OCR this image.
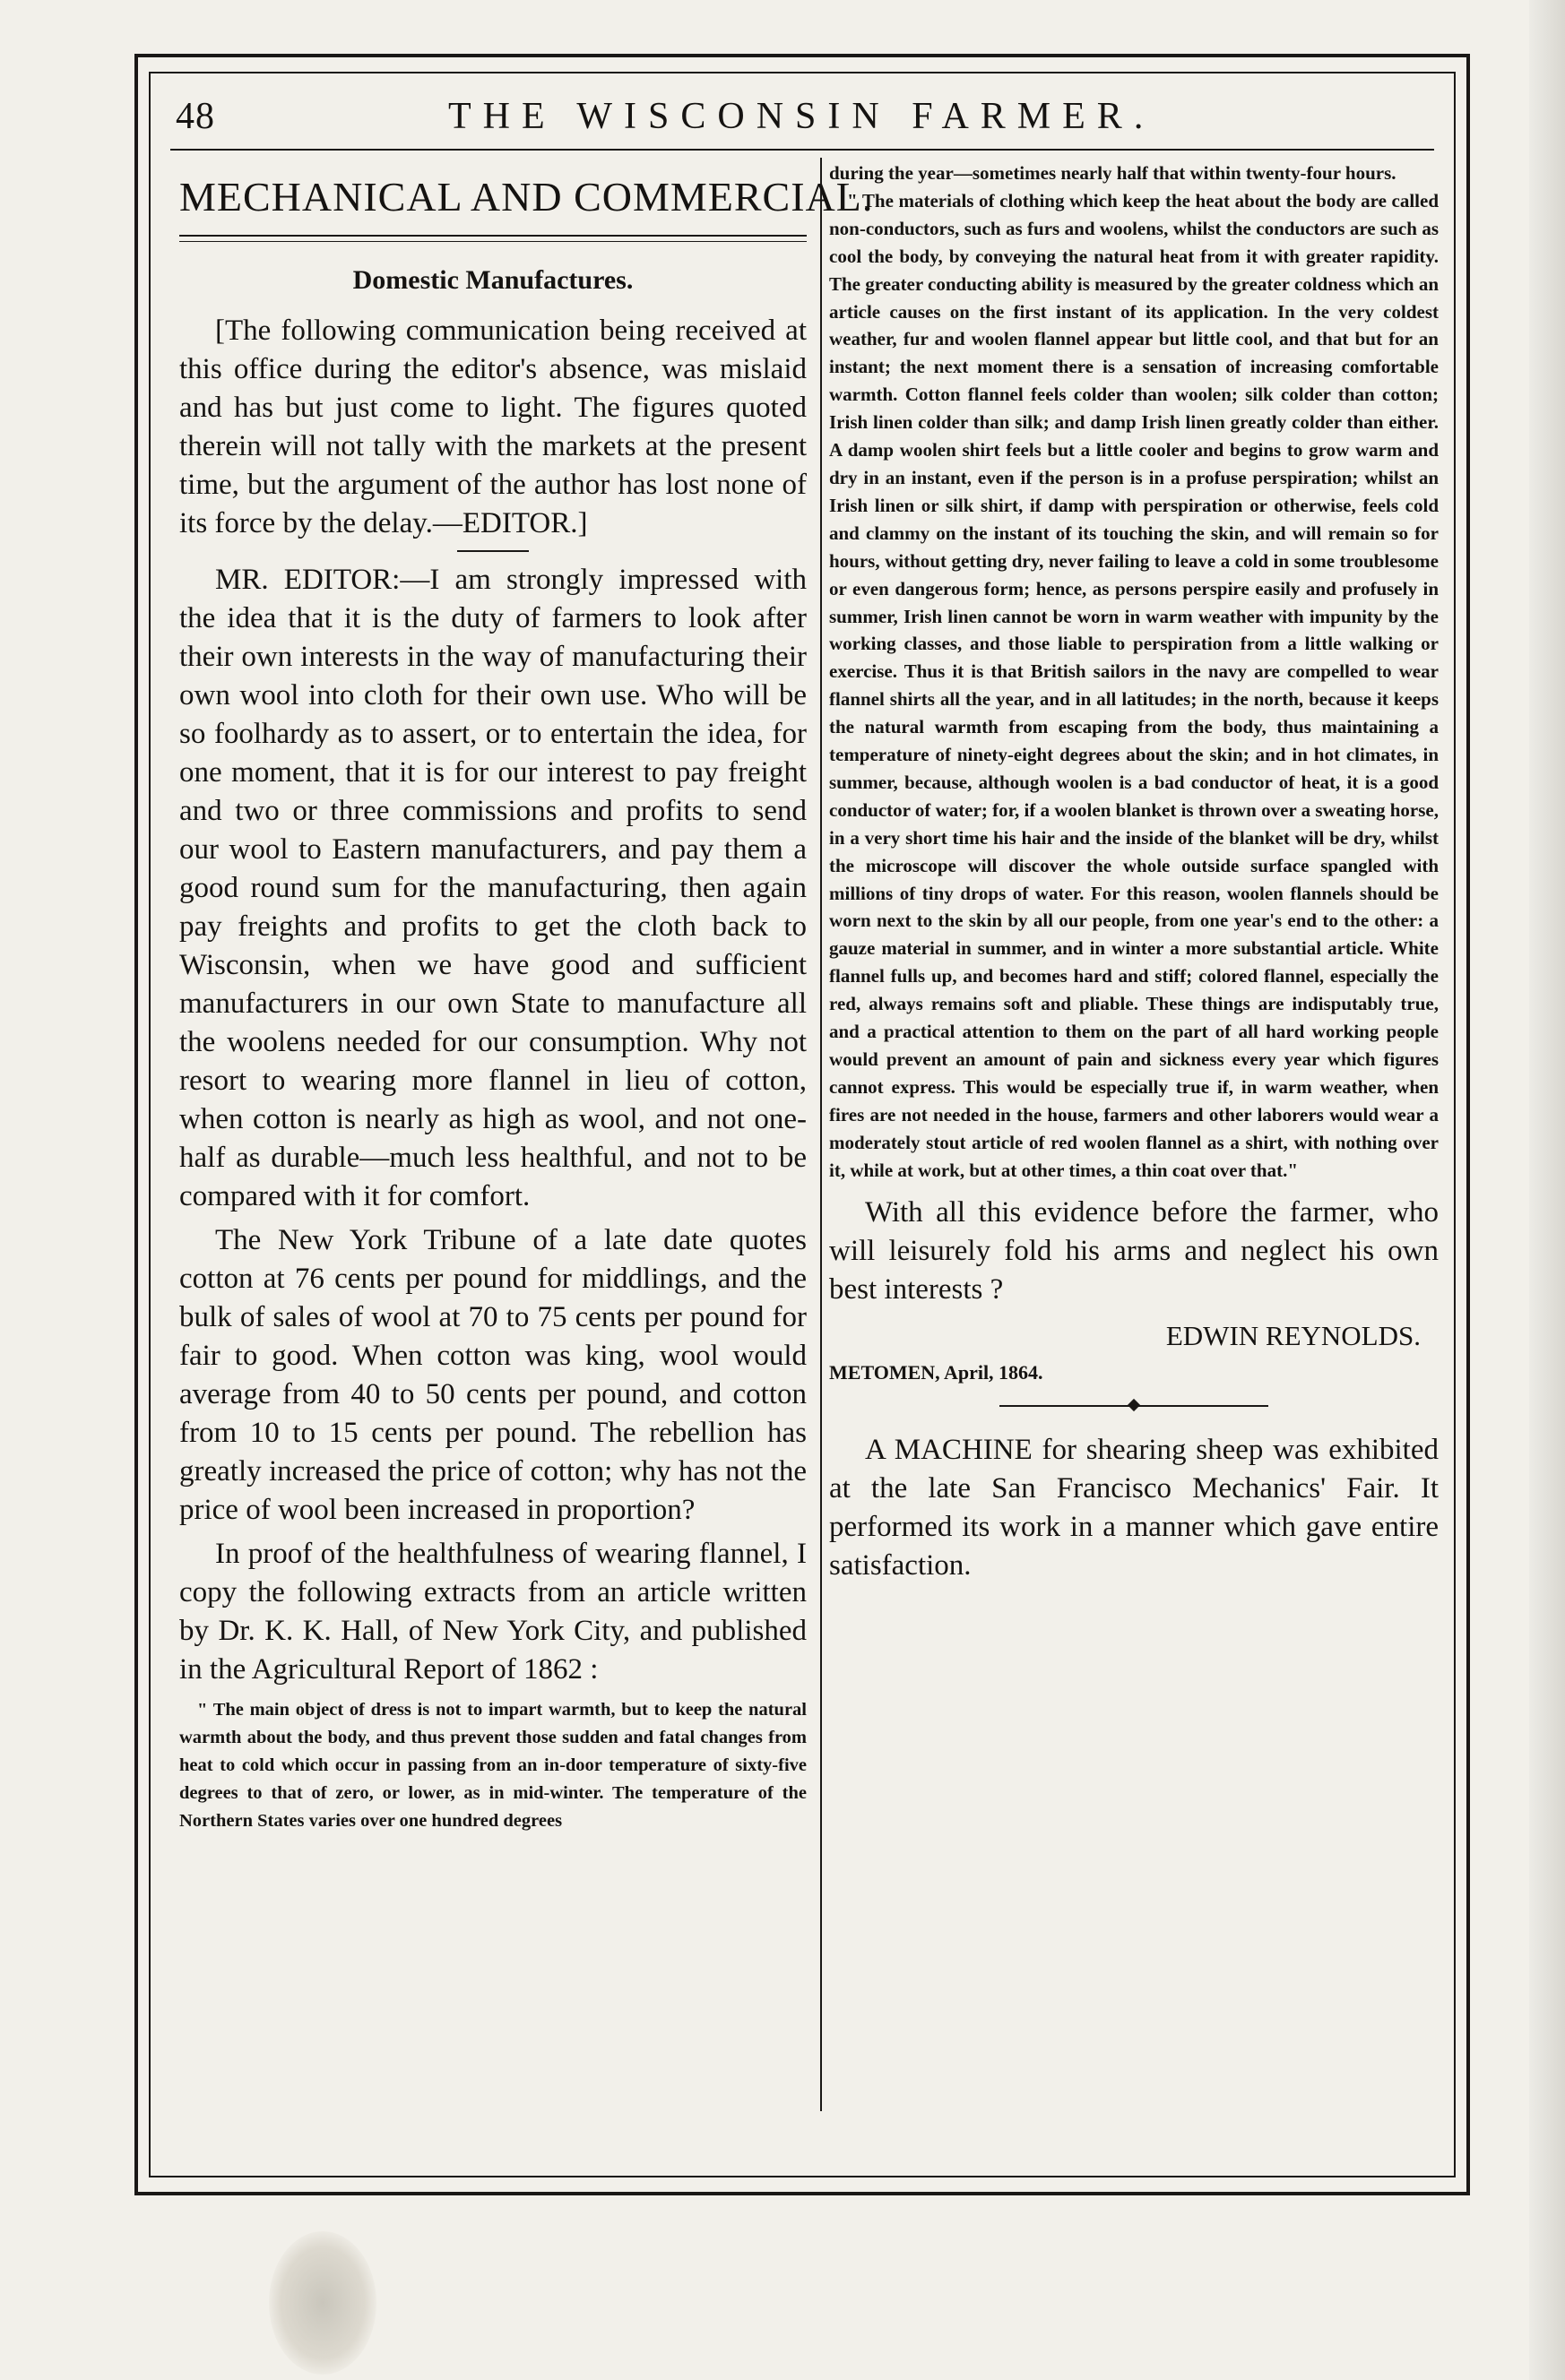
48	THE WISCONSIN FARMER.
MECHANICAL AND COMMERCIAL.
Domestic Manufactures.

[The following communication being received at this office during the editor's absence, was mislaid and has but just come to light. The figures quoted therein will not tally with the markets at the present time, but the argument of the author has lost none of its force by the delay.—EDITOR.]

MR. EDITOR:—I am strongly impressed with the idea that it is the duty of farmers to look after their own interests in the way of manufacturing their own wool into cloth for their own use. Who will be so foolhardy as to assert, or to entertain the idea, for one moment, that it is for our interest to pay freight and two or three commissions and profits to send our wool to Eastern manufacturers, and pay them a good round sum for the manufacturing, then again pay freights and profits to get the cloth back to Wisconsin, when we have good and sufficient manufacturers in our own State to manufacture all the woolens needed for our consumption. Why not resort to wearing more flannel in lieu of cotton, when cotton is nearly as high as wool, and not one-half as durable—much less healthful, and not to be compared with it for comfort.

The New York Tribune of a late date quotes cotton at 76 cents per pound for middlings, and the bulk of sales of wool at 70 to 75 cents per pound for fair to good. When cotton was king, wool would average from 40 to 50 cents per pound, and cotton from 10 to 15 cents per pound. The rebellion has greatly increased the price of cotton; why has not the price of wool been increased in proportion?

In proof of the healthfulness of wearing flannel, I copy the following extracts from an article written by Dr. K. K. Hall, of New York City, and published in the Agricultural Report of 1862 :

" The main object of dress is not to impart warmth, but to keep the natural warmth about the body, and thus prevent those sudden and fatal changes from heat to cold which occur in passing from an in-door temperature of sixty-five degrees to that of zero, or lower, as in mid-winter. The temperature of the Northern States varies over one hundred degrees

during the year—sometimes nearly half that within twenty-four hours.

" The materials of clothing which keep the heat about the body are called non-conductors, such as furs and woolens, whilst the conductors are such as cool the body, by conveying the natural heat from it with greater rapidity. The greater conducting ability is measured by the greater coldness which an article causes on the first instant of its application. In the very coldest weather, fur and woolen flannel appear but little cool, and that but for an instant; the next moment there is a sensation of increasing comfortable warmth. Cotton flannel feels colder than woolen; silk colder than cotton; Irish linen colder than silk; and damp Irish linen greatly colder than either. A damp woolen shirt feels but a little cooler and begins to grow warm and dry in an instant, even if the person is in a profuse perspiration; whilst an Irish linen or silk shirt, if damp with perspiration or otherwise, feels cold and clammy on the instant of its touching the skin, and will remain so for hours, without getting dry, never failing to leave a cold in some troublesome or even dangerous form; hence, as persons perspire easily and profusely in summer, Irish linen cannot be worn in warm weather with impunity by the working classes, and those liable to perspiration from a little walking or exercise. Thus it is that British sailors in the navy are compelled to wear flannel shirts all the year, and in all latitudes; in the north, because it keeps the natural warmth from escaping from the body, thus maintaining a temperature of ninety-eight degrees about the skin; and in hot climates, in summer, because, although woolen is a bad conductor of heat, it is a good conductor of water; for, if a woolen blanket is thrown over a sweating horse, in a very short time his hair and the inside of the blanket will be dry, whilst the microscope will discover the whole outside surface spangled with millions of tiny drops of water. For this reason, woolen flannels should be worn next to the skin by all our people, from one year's end to the other: a gauze material in summer, and in winter a more substantial article. White flannel fulls up, and becomes hard and stiff; colored flannel, especially the red, always remains soft and pliable. These things are indisputably true, and a practical attention to them on the part of all hard working people would prevent an amount of pain and sickness every year which figures cannot express. This would be especially true if, in warm weather, when fires are not needed in the house, farmers and other laborers would wear a moderately stout article of red woolen flannel as a shirt, with nothing over it, while at work, but at other times, a thin coat over that."

With all this evidence before the farmer, who will leisurely fold his arms and neglect his own best interests ?

EDWIN REYNOLDS.
METOMEN, April, 1864.

A MACHINE for shearing sheep was exhibited at the late San Francisco Mechanics' Fair. It performed its work in a manner which gave entire satisfaction.
